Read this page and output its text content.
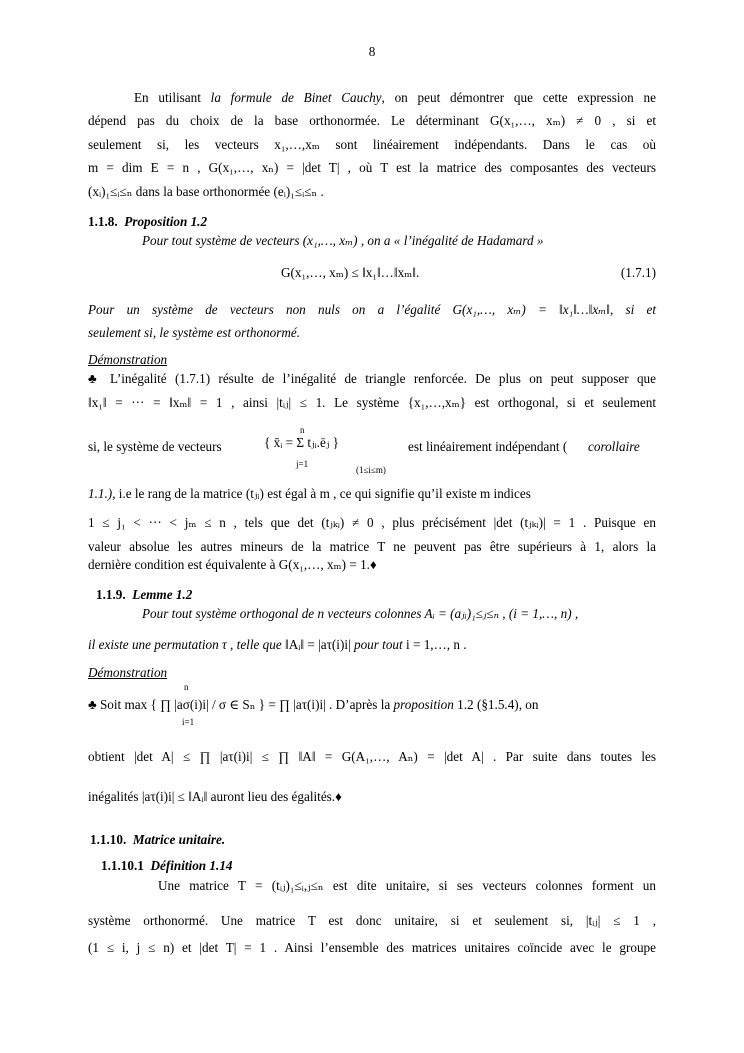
8
En utilisant la formule de Binet Cauchy, on peut démontrer que cette expression ne
dépend pas du choix de la base orthonormée. Le déterminant G(x₁,…, xₘ) ≠ 0 , si et
seulement si, les vecteurs x₁,…,xₘ sont linéairement indépendants. Dans le cas où
m = dim E = n , G(x₁,…, xₙ) = |det T| , où T est la matrice des composantes des vecteurs
(xᵢ)₁≤ᵢ≤ₙ dans la base orthonormée (eᵢ)₁≤ᵢ≤ₙ .
1.1.8. Proposition 1.2
Pour tout système de vecteurs (x₁,…, xₘ) , on a « l’inégalité de Hadamard »
G(x₁,…, xₘ) ≤ ‖x₁‖…‖xₘ‖.	(1.7.1)
Pour un système de vecteurs non nuls on a l’égalité G(x₁,…, xₘ) = ‖x₁‖…‖xₘ‖, si et
seulement si, le système est orthonormé.
Démonstration
♣ L’inégalité (1.7.1) résulte de l’inégalité de triangle renforcée. De plus on peut supposer que
‖x₁‖ = ··· = ‖xₘ‖ = 1 , ainsi |tᵢⱼ| ≤ 1. Le système {x₁,…,xₘ} est orthogonal, si et seulement
si, le système de vecteurs	{ x̄ᵢ = Σ tⱼᵢ.ēⱼ }
n
j=1
(1≤i≤m)
est linéairement indépendant ( corollaire
1.1.), i.e le rang de la matrice (tⱼᵢ) est égal à m , ce qui signifie qu’il existe m indices
1 ≤ j₁ < ··· < jₘ ≤ n , tels que det (tⱼₖᵢ) ≠ 0 , plus précisément |det (tⱼₖᵢ)| = 1 . Puisque en
valeur absolue les autres mineurs de la matrice T ne peuvent pas être supérieurs à 1, alors la
dernière condition est équivalente à G(x₁,…, xₘ) = 1.♦
1.1.9. Lemme 1.2
Pour tout système orthogonal de n vecteurs colonnes Aᵢ = (aⱼᵢ)₁≤ⱼ≤ₙ , (i = 1,…, n) ,
il existe une permutation τ , telle que ‖Aᵢ‖ = |aτ(i)i| pour tout i = 1,…, n .
Démonstration
♣ Soit max { ∏ |aσ(i)i| / σ ∈ Sₙ } = ∏ |aτ(i)i| . D’après la proposition 1.2 (§1.5.4), on
n
i=1
obtient |det A| ≤ ∏ |aτ(i)i| ≤ ∏ ‖A‖ = G(A₁,…, Aₙ) = |det A| . Par suite dans toutes les
inégalités |aτ(i)i| ≤ ‖Aᵢ‖ auront lieu des égalités.♦
1.1.10. Matrice unitaire.
1.1.10.1 Définition 1.14
Une matrice T = (tᵢⱼ)₁≤ᵢ,ⱼ≤ₙ est dite unitaire, si ses vecteurs colonnes forment un
système orthonormé. Une matrice T est donc unitaire, si et seulement si, |tᵢⱼ| ≤ 1 ,
(1 ≤ i, j ≤ n) et |det T| = 1 . Ainsi l’ensemble des matrices unitaires coïncide avec le groupe
